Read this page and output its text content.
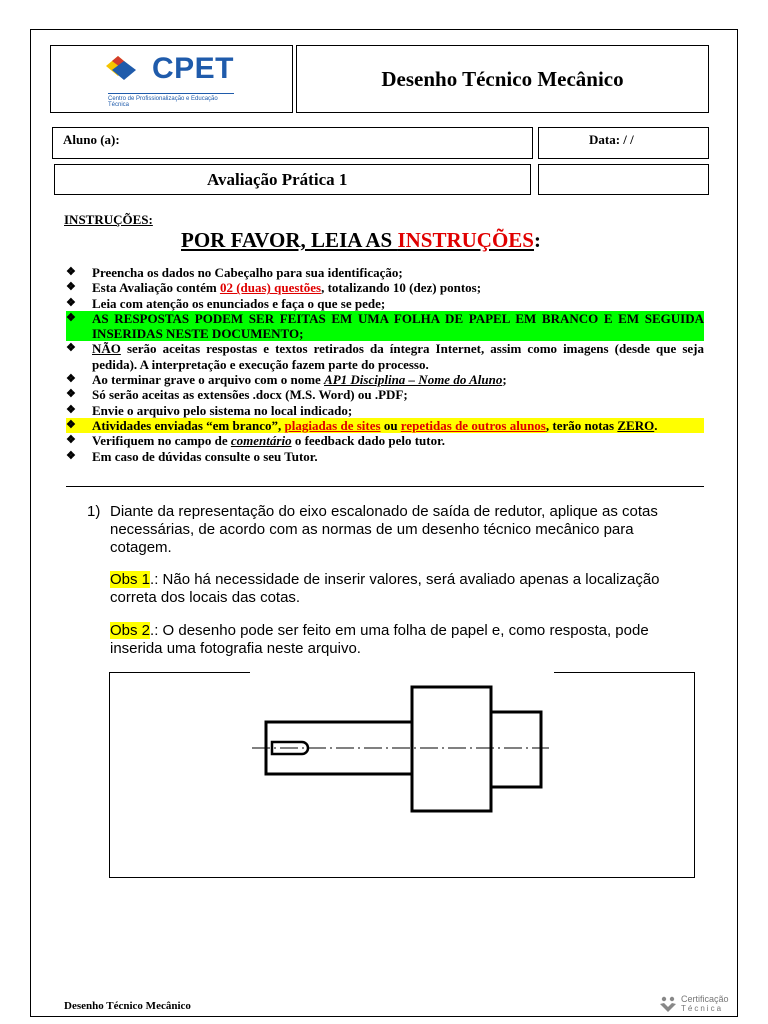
CPET
Centro de Profissionalização e Educação Técnica
Desenho Técnico Mecânico
Aluno (a):	Data: / /
Avaliação Prática 1
INSTRUÇÕES:
POR FAVOR, LEIA AS INSTRUÇÕES:
❖ Preencha os dados no Cabeçalho para sua identificação;
❖ Esta Avaliação contém 02 (duas) questões, totalizando 10 (dez) pontos;
❖ Leia com atenção os enunciados e faça o que se pede;
❖ AS RESPOSTAS PODEM SER FEITAS EM UMA FOLHA DE PAPEL EM BRANCO E EM SEGUIDA INSERIDAS NESTE DOCUMENTO;
❖ NÃO serão aceitas respostas e textos retirados da íntegra Internet, assim como imagens (desde que seja pedida). A interpretação e execução fazem parte do processo.
❖ Ao terminar grave o arquivo com o nome AP1 Disciplina – Nome do Aluno;
❖ Só serão aceitas as extensões .docx (M.S. Word) ou .PDF;
❖ Envie o arquivo pelo sistema no local indicado;
❖ Atividades enviadas “em branco”, plagiadas de sites ou repetidas de outros alunos, terão notas ZERO.
❖ Verifiquem no campo de comentário o feedback dado pelo tutor.
❖ Em caso de dúvidas consulte o seu Tutor.
1) Diante da representação do eixo escalonado de saída de redutor, aplique as cotas necessárias, de acordo com as normas de um desenho técnico mecânico para cotagem.
Obs 1.: Não há necessidade de inserir valores, será avaliado apenas a localização correta dos locais das cotas.
Obs 2.: O desenho pode ser feito em uma folha de papel e, como resposta, pode inserida uma fotografia neste arquivo.
Desenho Técnico Mecânico
Certificação
Técnica
